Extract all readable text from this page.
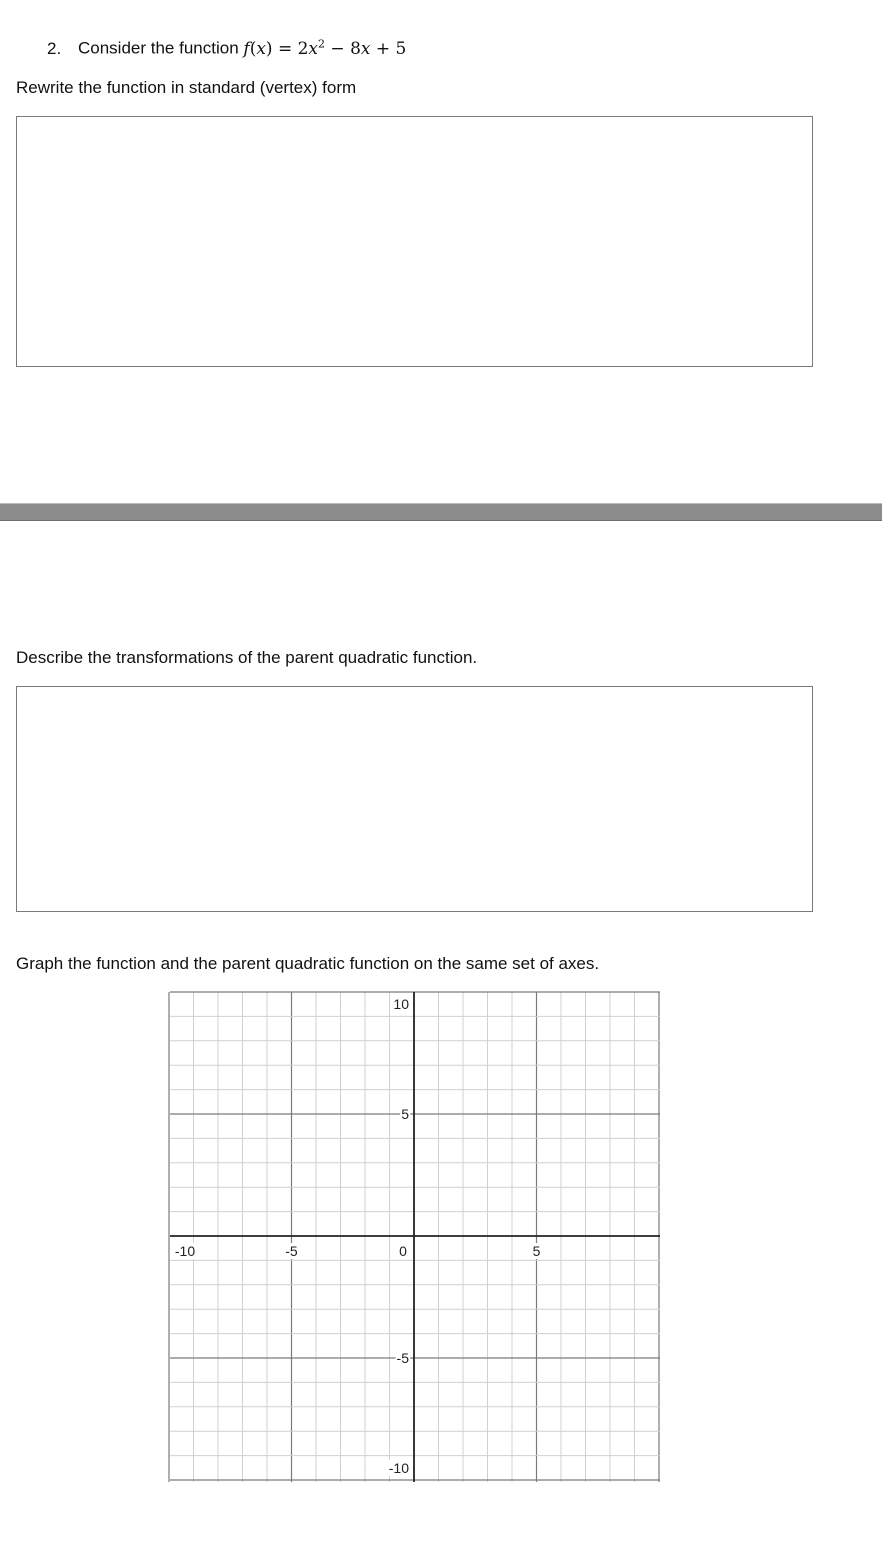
2. Consider the function $f(x) = 2x^2 - 8x + 5$
Rewrite the function in standard (vertex) form
Describe the transformations of the parent quadratic function.
Graph the function and the parent quadratic function on the same set of axes.
-10	-5	0	5
10
5
-5
-10
